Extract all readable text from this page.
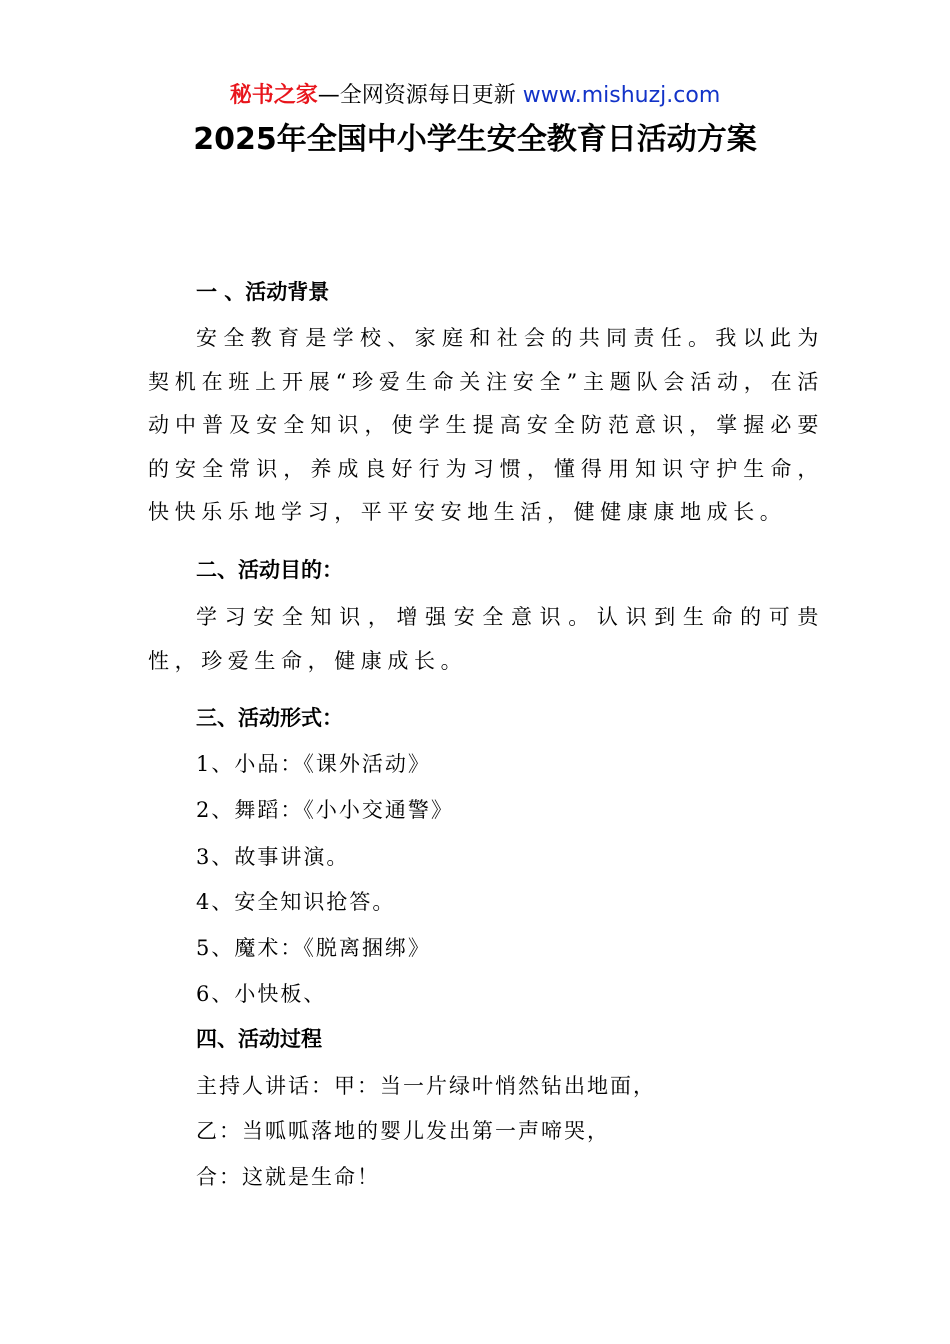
秘书之家—全网资源每日更新 www.mishuzj.com
2025年全国中小学生安全教育日活动方案
一 、活动背景

安全教育是学校、家庭和社会的共同责任。我以此为契机在班上开展“珍爱生命关注安全”主题队会活动，在活动中普及安全知识，使学生提高安全防范意识，掌握必要的安全常识，养成良好行为习惯，懂得用知识守护生命，快快乐乐地学习，平平安安地生活，健健康康地成长。

二、活动目的：

学习安全知识，增强安全意识。认识到生命的可贵性，珍爱生命，健康成长。

三、活动形式：
1、小品：《课外活动》
2、舞蹈：《小小交通警》
3、故事讲演。
4、安全知识抢答。
5、魔术：《脱离捆绑》
6、小快板、
四、活动过程
主持人讲话：甲：当一片绿叶悄然钻出地面，
乙：当呱呱落地的婴儿发出第一声啼哭，
合：这就是生命！
